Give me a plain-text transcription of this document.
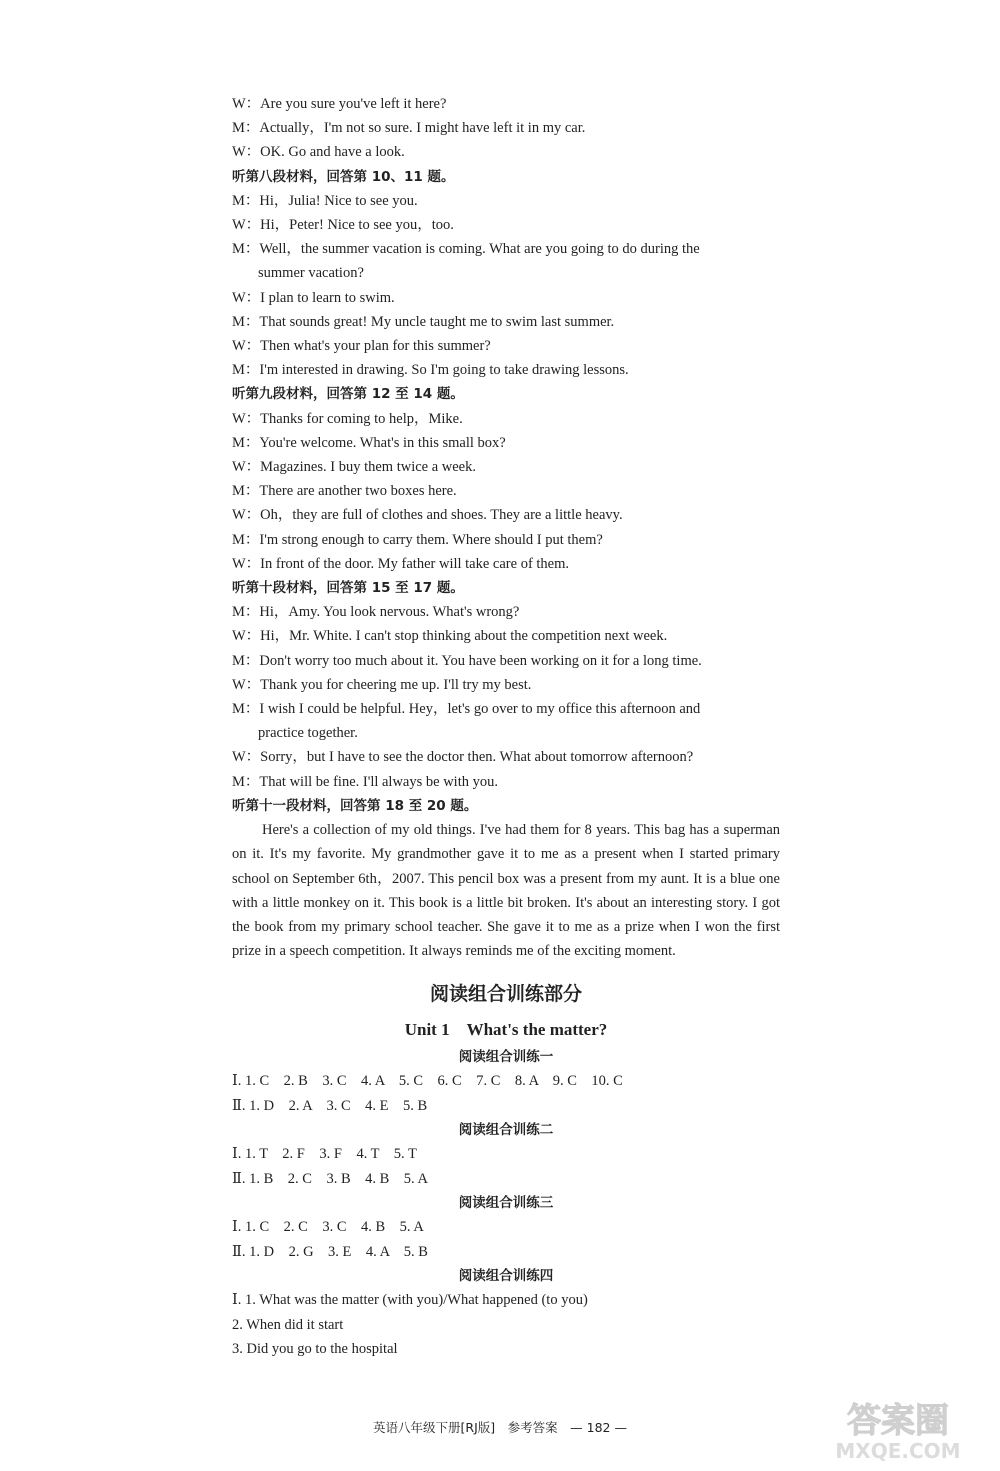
W：Are you sure you've left it here?
M：Actually，I'm not so sure. I might have left it in my car.
W：OK. Go and have a look.
听第八段材料，回答第 10、11 题。
M：Hi，Julia! Nice to see you.
W：Hi，Peter! Nice to see you，too.
M：Well，the summer vacation is coming. What are you going to do during the
summer vacation?
W：I plan to learn to swim.
M：That sounds great! My uncle taught me to swim last summer.
W：Then what's your plan for this summer?
M：I'm interested in drawing. So I'm going to take drawing lessons.
听第九段材料，回答第 12 至 14 题。
W：Thanks for coming to help，Mike.
M：You're welcome. What's in this small box?
W：Magazines. I buy them twice a week.
M：There are another two boxes here.
W：Oh，they are full of clothes and shoes. They are a little heavy.
M：I'm strong enough to carry them. Where should I put them?
W：In front of the door. My father will take care of them.
听第十段材料，回答第 15 至 17 题。
M：Hi，Amy. You look nervous. What's wrong?
W：Hi，Mr. White. I can't stop thinking about the competition next week.
M：Don't worry too much about it. You have been working on it for a long time.
W：Thank you for cheering me up. I'll try my best.
M：I wish I could be helpful. Hey，let's go over to my office this afternoon and
practice together.
W：Sorry，but I have to see the doctor then. What about tomorrow afternoon?
M：That will be fine. I'll always be with you.
听第十一段材料，回答第 18 至 20 题。
Here's a collection of my old things. I've had them for 8 years. This bag has a superman on it. It's my favorite. My grandmother gave it to me as a present when I started primary school on September 6th，2007. This pencil box was a present from my aunt. It is a blue one with a little monkey on it. This book is a little bit broken. It's about an interesting story. I got the book from my primary school teacher. She gave it to me as a prize when I won the first prize in a speech competition. It always reminds me of the exciting moment.
阅读组合训练部分
Unit 1　What's the matter?
阅读组合训练一
Ⅰ. 1. C　2. B　3. C　4. A　5. C　6. C　7. C　8. A　9. C　10. C
Ⅱ. 1. D　2. A　3. C　4. E　5. B
阅读组合训练二
Ⅰ. 1. T　2. F　3. F　4. T　5. T
Ⅱ. 1. B　2. C　3. B　4. B　5. A
阅读组合训练三
Ⅰ. 1. C　2. C　3. C　4. B　5. A
Ⅱ. 1. D　2. G　3. E　4. A　5. B
阅读组合训练四
Ⅰ. 1. What was the matter (with you)/What happened (to you)
2. When did it start
3. Did you go to the hospital
英语八年级下册[RJ版]　参考答案　— 182 —	答案圈
MXQE.COM
